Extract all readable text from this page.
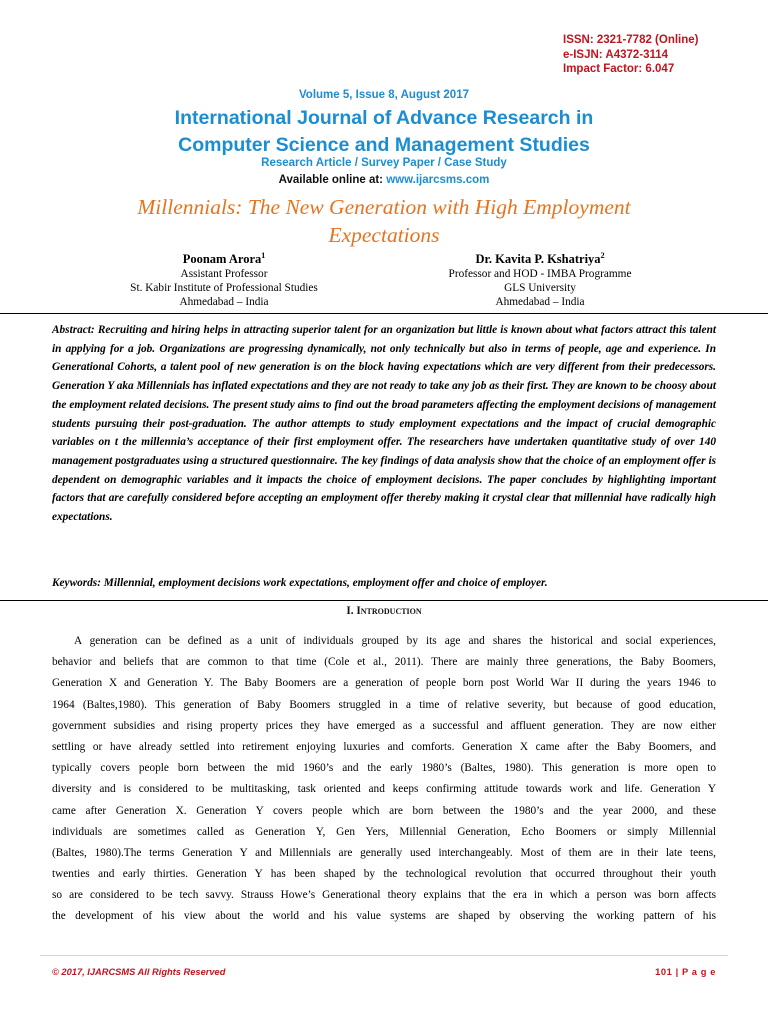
ISSN: 2321-7782 (Online)
e-ISJN: A4372-3114
Impact Factor: 6.047
Volume 5, Issue 8, August 2017
International Journal of Advance Research in
Computer Science and Management Studies
Research Article / Survey Paper / Case Study
Available online at: www.ijarcsms.com
Millennials: The New Generation with High Employment
Expectations
Poonam Arora$^1$
Assistant Professor
St. Kabir Institute of Professional Studies
Ahmedabad – India
Dr. Kavita P. Kshatriya$^2$
Professor and HOD - IMBA Programme
GLS University
Ahmedabad – India
Abstract: Recruiting and hiring helps in attracting superior talent for an organization but little is known about what factors attract this talent in applying for a job. Organizations are progressing dynamically, not only technically but also in terms of people, age and experience. In Generational Cohorts, a talent pool of new generation is on the block having expectations which are very different from their predecessors. Generation Y aka Millennials has inflated expectations and they are not ready to take any job as their first. They are known to be choosy about the employment related decisions. The present study aims to find out the broad parameters affecting the employment decisions of management students pursuing their post-graduation. The author attempts to study employment expectations and the impact of crucial demographic variables on t the millennia’s acceptance of their first employment offer. The researchers have undertaken quantitative study of over 140 management postgraduates using a structured questionnaire. The key findings of data analysis show that the choice of an employment offer is dependent on demographic variables and it impacts the choice of employment decisions. The paper concludes by highlighting important factors that are carefully considered before accepting an employment offer thereby making it crystal clear that millennial have radically high expectations.
Keywords: Millennial, employment decisions work expectations, employment offer and choice of employer.
I. Introduction
A generation can be defined as a unit of individuals grouped by its age and shares the historical and social experiences,
behavior and beliefs that are common to that time (Cole et al., 2011). There are mainly three generations, the Baby Boomers,
Generation X and Generation Y. The Baby Boomers are a generation of people born post World War II during the years 1946 to
1964 (Baltes,1980). This generation of Baby Boomers struggled in a time of relative severity, but because of good education,
government subsidies and rising property prices they have emerged as a successful and affluent generation. They are now either
settling or have already settled into retirement enjoying luxuries and comforts. Generation X came after the Baby Boomers, and
typically covers people born between the mid 1960’s and the early 1980’s (Baltes, 1980). This generation is more open to
diversity and is considered to be multitasking, task oriented and keeps confirming attitude towards work and life. Generation Y
came after Generation X. Generation Y covers people which are born between the 1980’s and the year 2000, and these
individuals are sometimes called as Generation Y, Gen Yers, Millennial Generation, Echo Boomers or simply Millennial
(Baltes, 1980).The terms Generation Y and Millennials are generally used interchangeably. Most of them are in their late teens,
twenties and early thirties. Generation Y has been shaped by the technological revolution that occurred throughout their youth
so are considered to be tech savvy. Strauss Howe’s Generational theory explains that the era in which a person was born affects
the development of his view about the world and his value systems are shaped by observing the working pattern of his
© 2017, IJARCSMS All Rights Reserved	101 | P a g e
